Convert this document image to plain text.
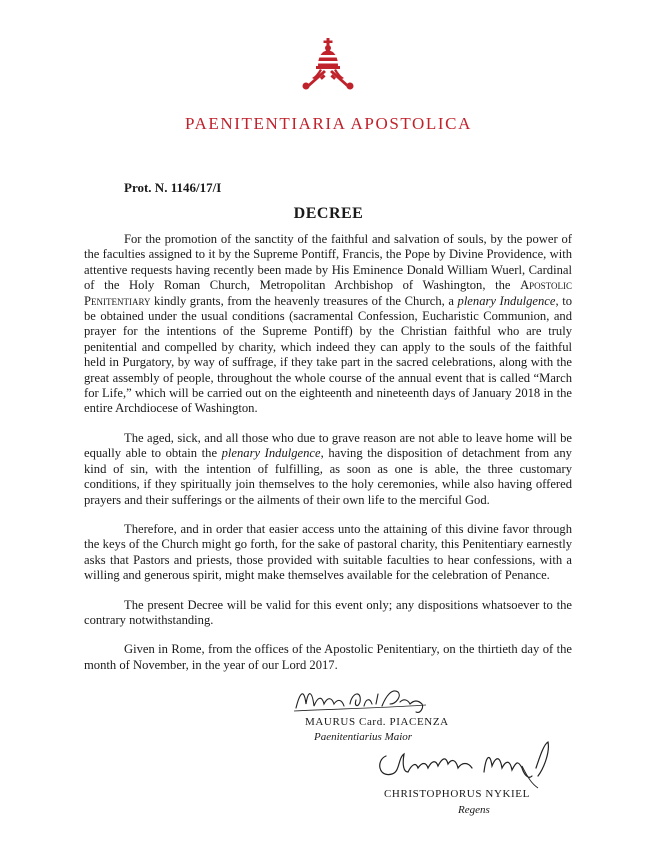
PAENITENTIARIA APOSTOLICA
Prot. N. 1146/17/I
DECREE

For the promotion of the sanctity of the faithful and salvation of souls, by the power of the faculties assigned to it by the Supreme Pontiff, Francis, the Pope by Divine Providence, with attentive requests having recently been made by His Eminence Donald William Wuerl, Cardinal of the Holy Roman Church, Metropolitan Archbishop of Washington, the Apostolic Penitentiary kindly grants, from the heavenly treasures of the Church, a plenary Indulgence, to be obtained under the usual conditions (sacramental Confession, Eucharistic Communion, and prayer for the intentions of the Supreme Pontiff) by the Christian faithful who are truly penitential and compelled by charity, which indeed they can apply to the souls of the faithful held in Purgatory, by way of suffrage, if they take part in the sacred celebrations, along with the great assembly of people, throughout the whole course of the annual event that is called “March for Life,” which will be carried out on the eighteenth and nineteenth days of January 2018 in the entire Archdiocese of Washington.

The aged, sick, and all those who due to grave reason are not able to leave home will be equally able to obtain the plenary Indulgence, having the disposition of detachment from any kind of sin, with the intention of fulfilling, as soon as one is able, the three customary conditions, if they spiritually join themselves to the holy ceremonies, while also having offered prayers and their sufferings or the ailments of their own life to the merciful God.

Therefore, and in order that easier access unto the attaining of this divine favor through the keys of the Church might go forth, for the sake of pastoral charity, this Penitentiary earnestly asks that Pastors and priests, those provided with suitable faculties to hear confessions, with a willing and generous spirit, might make themselves available for the celebration of Penance.

The present Decree will be valid for this event only; any dispositions whatsoever to the contrary notwithstanding.

Given in Rome, from the offices of the Apostolic Penitentiary, on the thirtieth day of the month of November, in the year of our Lord 2017.

MAURUS Card. PIACENZA
Paenitentiarius Maior
CHRISTOPHORUS NYKIEL
Regens
